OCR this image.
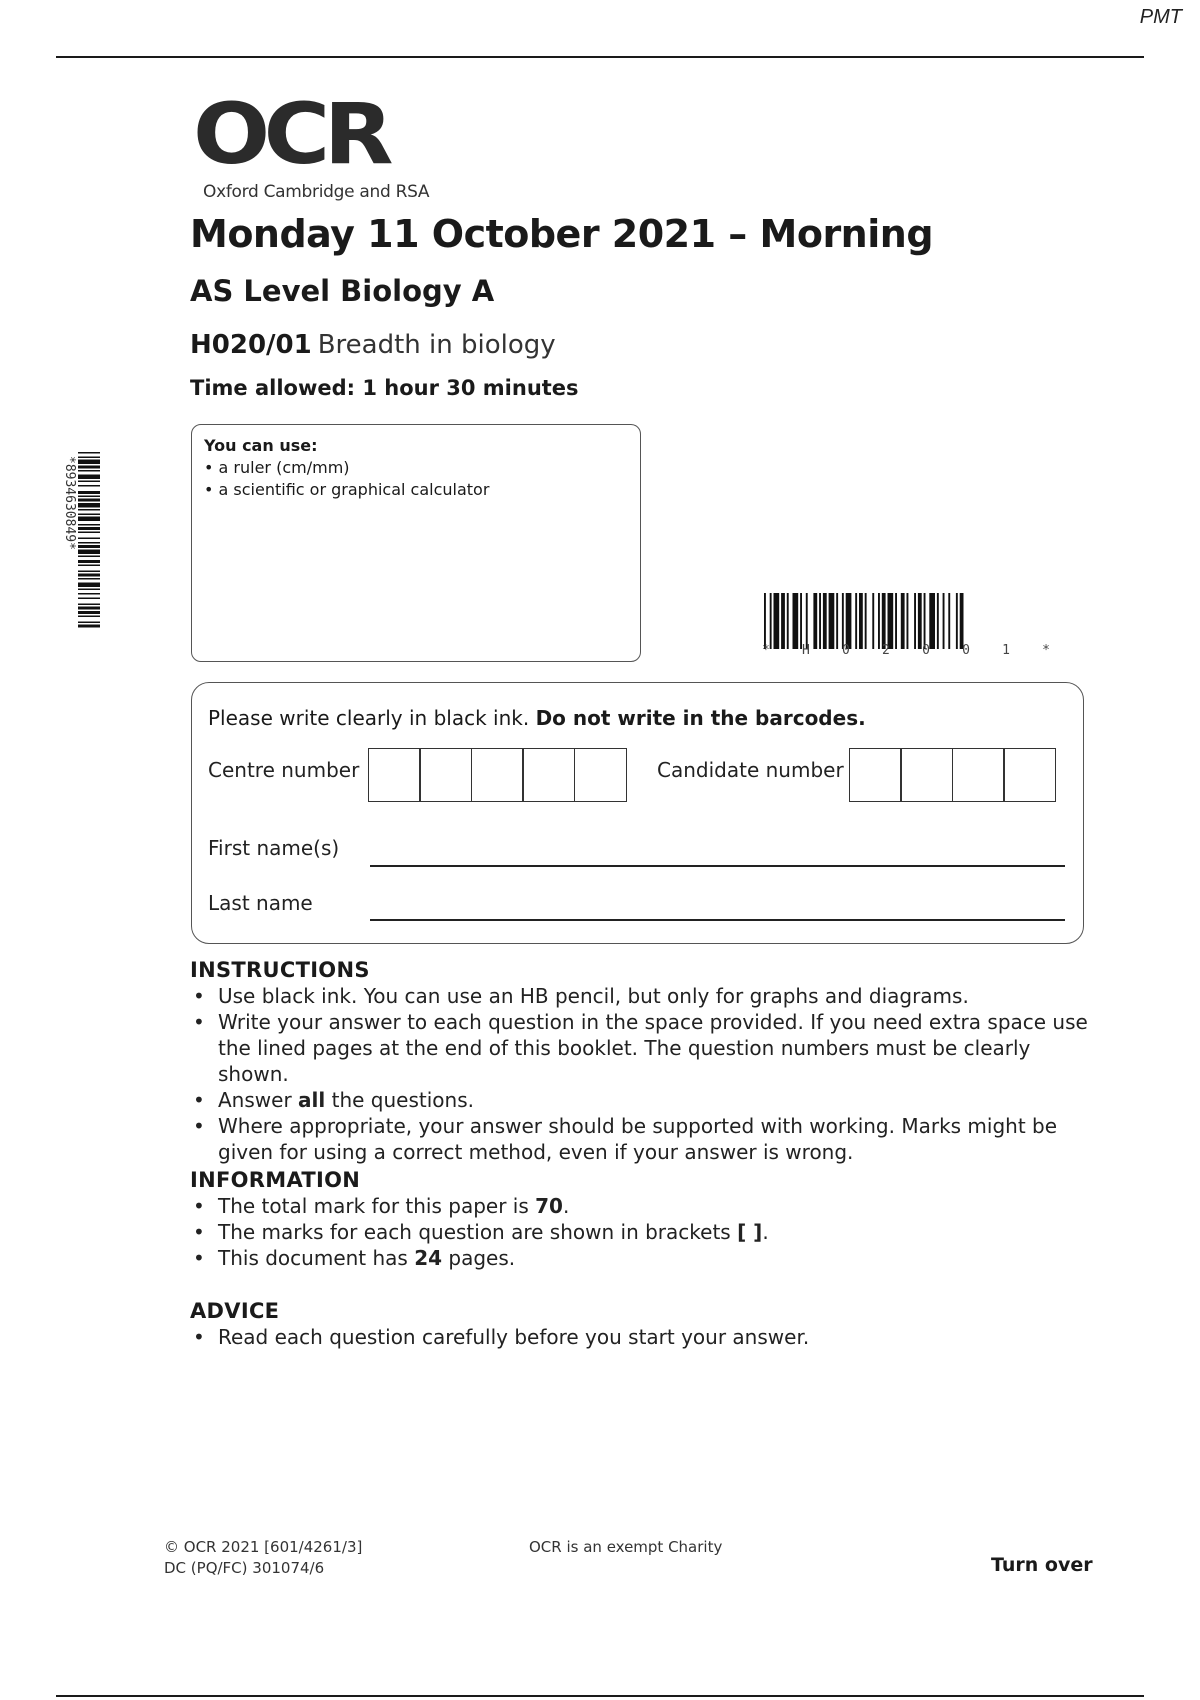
PMT
OCR
Oxford Cambridge and RSA
Monday 11 October 2021 – Morning
AS Level Biology A
H020/01 Breadth in biology
Time allowed: 1 hour 30 minutes
You can use:
• a ruler (cm/mm)
• a scientific or graphical calculator
*8934630849*
* H 0 2 0 0 1 *
Please write clearly in black ink. Do not write in the barcodes.
Centre number	Candidate number
First name(s)
Last name
INSTRUCTIONS
• Use black ink. You can use an HB pencil, but only for graphs and diagrams.
• Write your answer to each question in the space provided. If you need extra space use the lined pages at the end of this booklet. The question numbers must be clearly shown.
• Answer all the questions.
• Where appropriate, your answer should be supported with working. Marks might be given for using a correct method, even if your answer is wrong.
INFORMATION
• The total mark for this paper is 70.
• The marks for each question are shown in brackets [ ].
• This document has 24 pages.
ADVICE
• Read each question carefully before you start your answer.
© OCR 2021 [601/4261/3]
DC (PQ/FC) 301074/6
OCR is an exempt Charity
Turn over
